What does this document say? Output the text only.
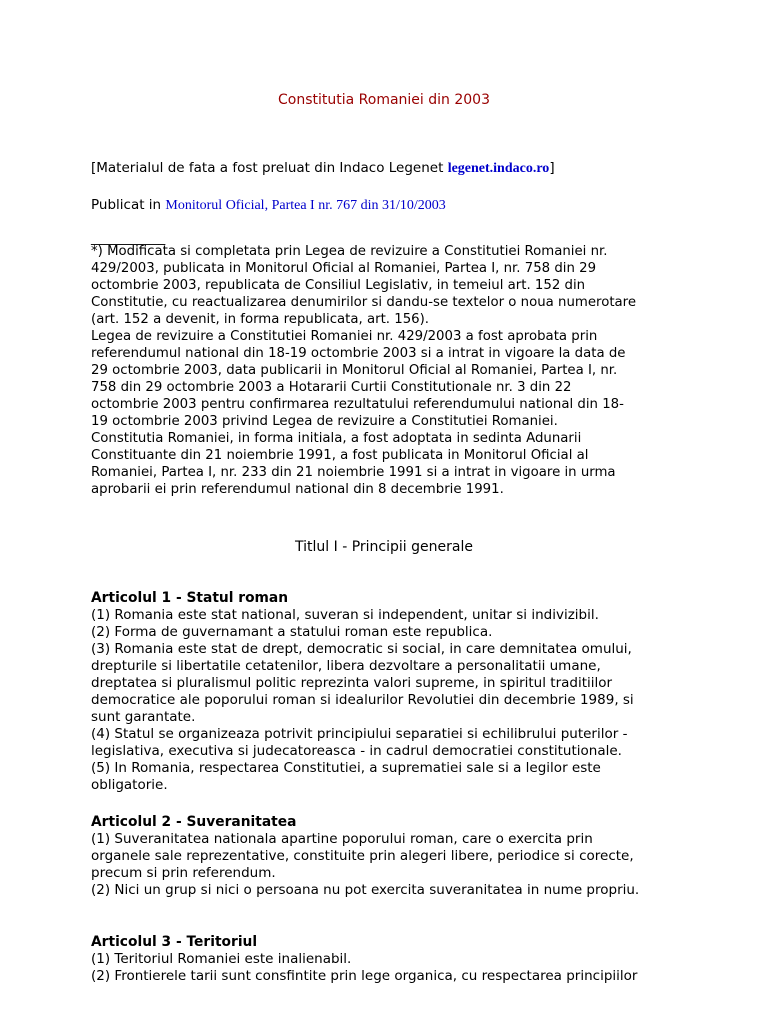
Constitutia Romaniei din 2003

[Materialul de fata a fost preluat din Indaco Legenet legenet.indaco.ro]

Publicat in Monitorul Oficial, Partea I nr. 767 din 31/10/2003

___________

*) Modificata si completata prin Legea de revizuire a Constitutiei Romaniei nr.
429/2003, publicata in Monitorul Oficial al Romaniei, Partea I, nr. 758 din 29
octombrie 2003, republicata de Consiliul Legislativ, in temeiul art. 152 din
Constitutie, cu reactualizarea denumirilor si dandu-se textelor o noua numerotare
(art. 152 a devenit, in forma republicata, art. 156).
Legea de revizuire a Constitutiei Romaniei nr. 429/2003 a fost aprobata prin
referendumul national din 18-19 octombrie 2003 si a intrat in vigoare la data de
29 octombrie 2003, data publicarii in Monitorul Oficial al Romaniei, Partea I, nr.
758 din 29 octombrie 2003 a Hotararii Curtii Constitutionale nr. 3 din 22
octombrie 2003 pentru confirmarea rezultatului referendumului national din 18-
19 octombrie 2003 privind Legea de revizuire a Constitutiei Romaniei.
Constitutia Romaniei, in forma initiala, a fost adoptata in sedinta Adunarii
Constituante din 21 noiembrie 1991, a fost publicata in Monitorul Oficial al
Romaniei, Partea I, nr. 233 din 21 noiembrie 1991 si a intrat in vigoare in urma
aprobarii ei prin referendumul national din 8 decembrie 1991.

Titlul I - Principii generale
Articolul 1 - Statul roman
(1) Romania este stat national, suveran si independent, unitar si indivizibil.
(2) Forma de guvernamant a statului roman este republica.
(3) Romania este stat de drept, democratic si social, in care demnitatea omului,
drepturile si libertatile cetatenilor, libera dezvoltare a personalitatii umane,
dreptatea si pluralismul politic reprezinta valori supreme, in spiritul traditiilor
democratice ale poporului roman si idealurilor Revolutiei din decembrie 1989, si
sunt garantate.
(4) Statul se organizeaza potrivit principiului separatiei si echilibrului puterilor -
legislativa, executiva si judecatoreasca - in cadrul democratiei constitutionale.
(5) In Romania, respectarea Constitutiei, a suprematiei sale si a legilor este
obligatorie.
Articolul 2 - Suveranitatea
(1) Suveranitatea nationala apartine poporului roman, care o exercita prin
organele sale reprezentative, constituite prin alegeri libere, periodice si corecte,
precum si prin referendum.
(2) Nici un grup si nici o persoana nu pot exercita suveranitatea in nume propriu.
Articolul 3 - Teritoriul
(1) Teritoriul Romaniei este inalienabil.
(2) Frontierele tarii sunt consfintite prin lege organica, cu respectarea principiilor
